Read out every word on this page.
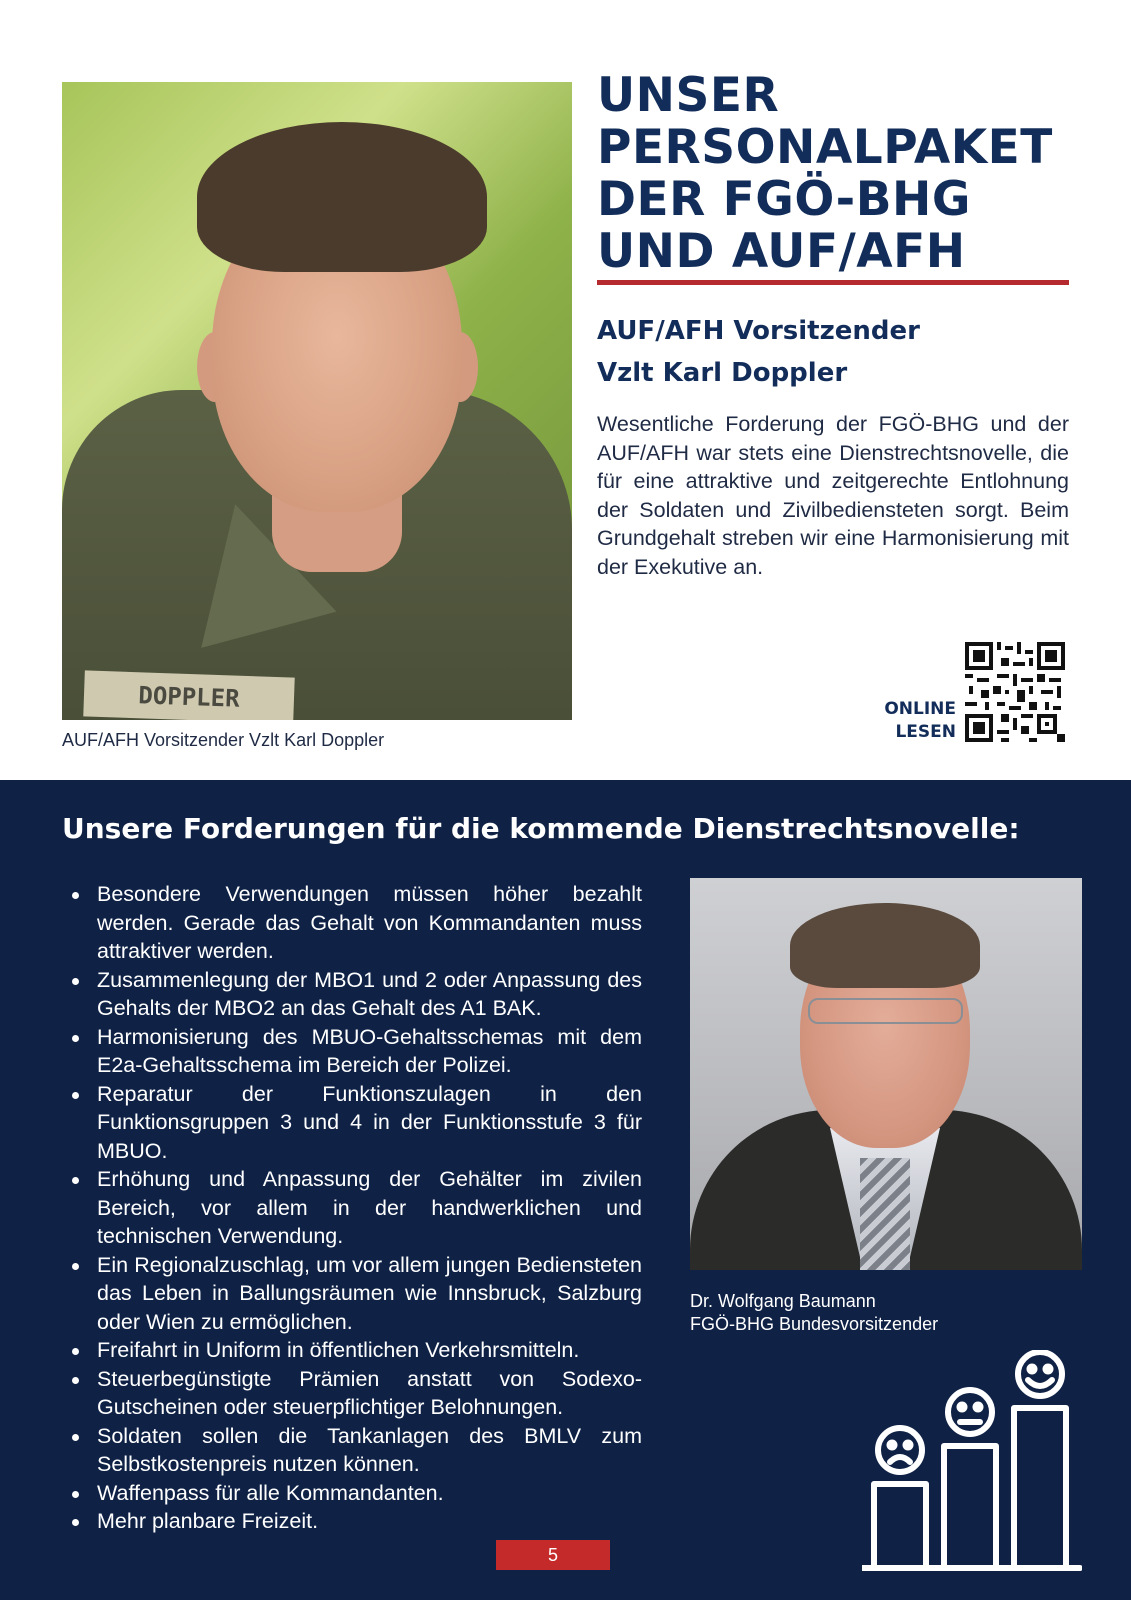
DOPPLER
AUF/AFH Vorsitzender Vzlt Karl Doppler
UNSER PERSONALPAKET DER FGÖ-BHG UND AUF/AFH
AUF/AFH Vorsitzender
Vzlt Karl Doppler

Wesentliche Forderung der FGÖ-BHG und der AUF/AFH war stets eine Dienstrechtsnovelle, die für eine attraktive und zeitgerechte Entlohnung der Soldaten und Zivilbediensteten sorgt. Beim Grundgehalt streben wir eine Harmonisierung mit der Exekutive an.

ONLINE
LESEN
Unsere Forderungen für die kommende Dienstrechtsnovelle:
Besondere Verwendungen müssen höher bezahlt werden. Gerade das Gehalt von Kommandanten muss attraktiver werden.
Zusammenlegung der MBO1 und 2 oder Anpassung des Gehalts der MBO2 an das Gehalt des A1 BAK.
Harmonisierung des MBUO-Gehaltsschemas mit dem E2a-Gehaltsschema im Bereich der Polizei.
Reparatur der Funktionszulagen in den Funktionsgruppen 3 und 4 in der Funktionsstufe 3 für MBUO.
Erhöhung und Anpassung der Gehälter im zivilen Bereich, vor allem in der handwerklichen und technischen Verwendung.
Ein Regionalzuschlag, um vor allem jungen Bediensteten das Leben in Ballungsräumen wie Innsbruck, Salzburg oder Wien zu ermöglichen.
Freifahrt in Uniform in öffentlichen Verkehrsmitteln.
Steuerbegünstigte Prämien anstatt von Sodexo-Gutscheinen oder steuerpflichtiger Belohnungen.
Soldaten sollen die Tankanlagen des BMLV zum Selbstkostenpreis nutzen können.
Waffenpass für alle Kommandanten.
Mehr planbare Freizeit.
Dr. Wolfgang Baumann
FGÖ-BHG Bundesvorsitzender
5
